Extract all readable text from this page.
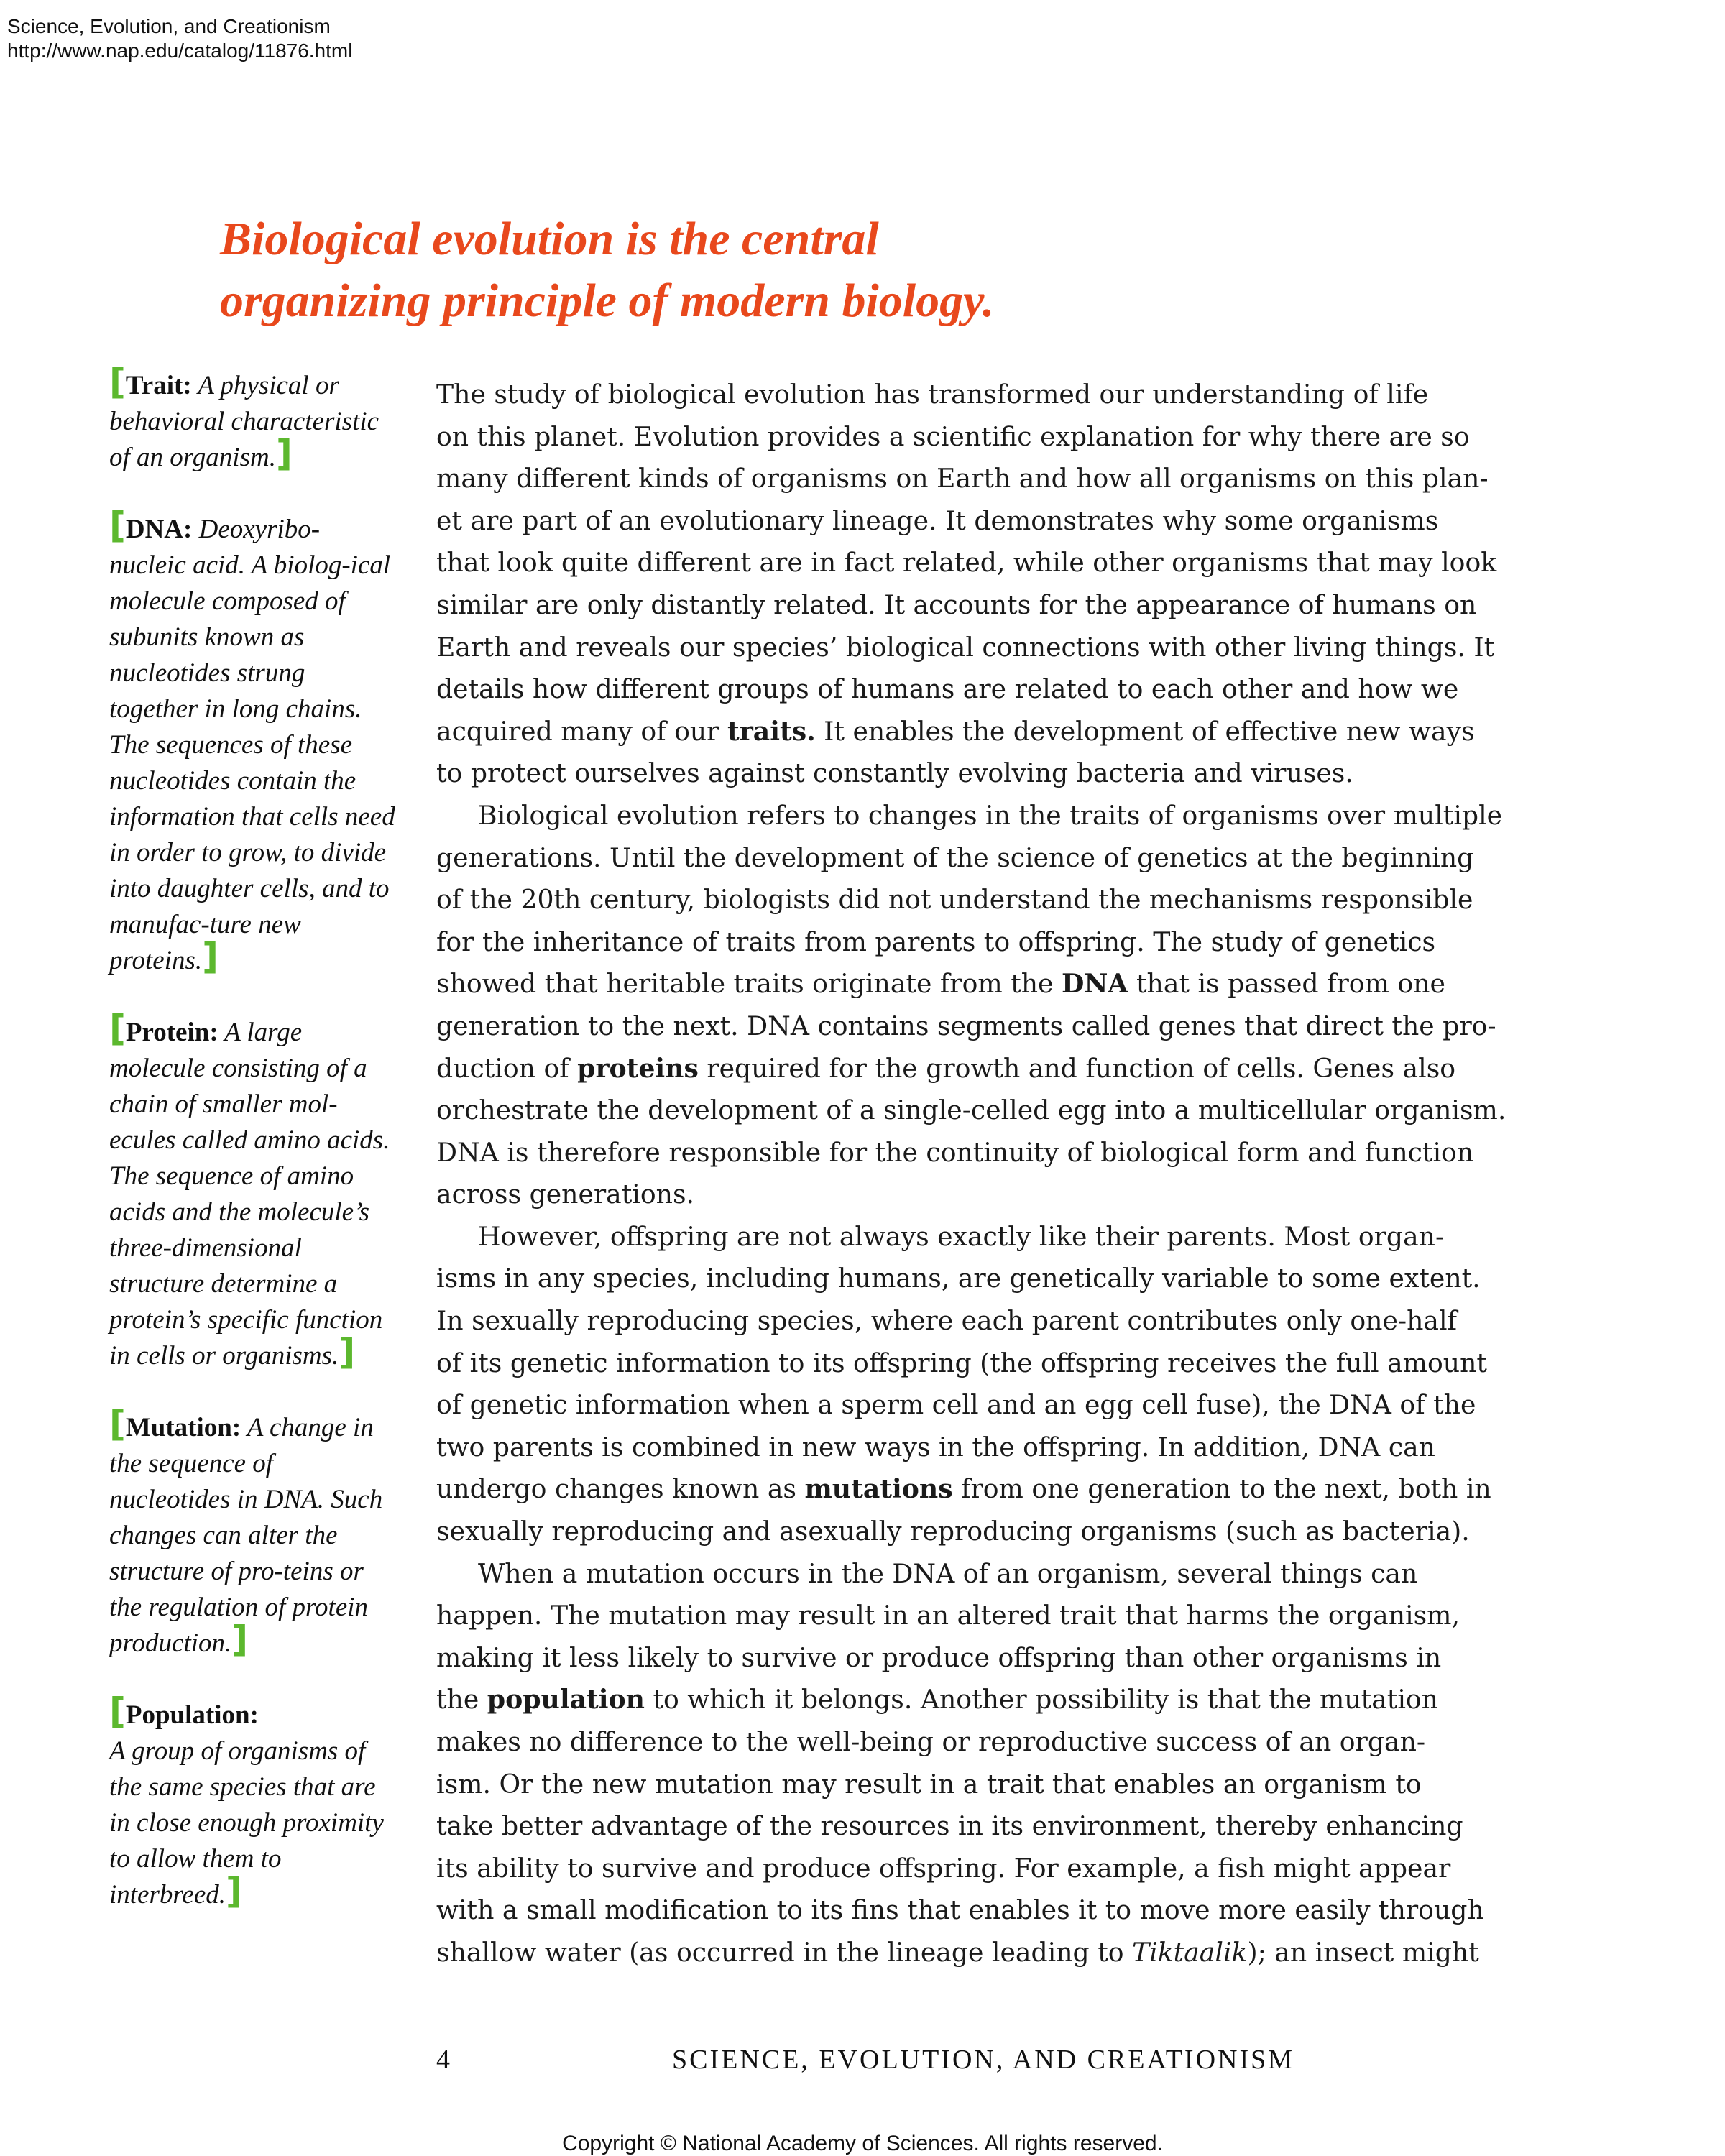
Science, Evolution, and Creationism
http://www.nap.edu/catalog/11876.html
Biological evolution is the central
organizing principle of modern biology.
[Trait: A physical or behavioral characteristic of an organism.]
[DNA: Deoxyribo- nucleic acid. A biolog-ical molecule composed of subunits known as nucleotides strung together in long chains. The sequences of these nucleotides contain the information that cells need in order to grow, to divide into daughter cells, and to manufac-ture new proteins.]
[Protein: A large molecule consisting of a chain of smaller mol-ecules called amino acids. The sequence of amino acids and the molecule’s three-dimensional structure determine a protein’s specific function in cells or organisms.]
[Mutation: A change in the sequence of nucleotides in DNA. Such changes can alter the structure of pro-teins or the regulation of protein production.]
[Population:
A group of organisms of the same species that are in close enough proximity to allow them to interbreed.]

The study of biological evolution has transformed our understanding of life
on this planet. Evolution provides a scientific explanation for why there are so
many different kinds of organisms on Earth and how all organisms on this plan-
et are part of an evolutionary lineage. It demonstrates why some organisms
that look quite different are in fact related, while other organisms that may look
similar are only distantly related. It accounts for the appearance of humans on
Earth and reveals our species’ biological connections with other living things. It
details how different groups of humans are related to each other and how we
acquired many of our traits. It enables the development of effective new ways
to protect ourselves against constantly evolving bacteria and viruses.

Biological evolution refers to changes in the traits of organisms over multiple
generations. Until the development of the science of genetics at the beginning
of the 20th century, biologists did not understand the mechanisms responsible
for the inheritance of traits from parents to offspring. The study of genetics
showed that heritable traits originate from the DNA that is passed from one
generation to the next. DNA contains segments called genes that direct the pro-
duction of proteins required for the growth and function of cells. Genes also
orchestrate the development of a single-celled egg into a multicellular organism.
DNA is therefore responsible for the continuity of biological form and function
across generations.

However, offspring are not always exactly like their parents. Most organ-
isms in any species, including humans, are genetically variable to some extent.
In sexually reproducing species, where each parent contributes only one-half
of its genetic information to its offspring (the offspring receives the full amount
of genetic information when a sperm cell and an egg cell fuse), the DNA of the
two parents is combined in new ways in the offspring. In addition, DNA can
undergo changes known as mutations from one generation to the next, both in
sexually reproducing and asexually reproducing organisms (such as bacteria).

When a mutation occurs in the DNA of an organism, several things can
happen. The mutation may result in an altered trait that harms the organism,
making it less likely to survive or produce offspring than other organisms in
the population to which it belongs. Another possibility is that the mutation
makes no difference to the well-being or reproductive success of an organ-
ism. Or the new mutation may result in a trait that enables an organism to
take better advantage of the resources in its environment, thereby enhancing
its ability to survive and produce offspring. For example, a fish might appear
with a small modification to its fins that enables it to move more easily through
shallow water (as occurred in the lineage leading to Tiktaalik); an insect might

4	SCIENCE, EVOLUTION, AND CREATIONISM
Copyright © National Academy of Sciences. All rights reserved.
